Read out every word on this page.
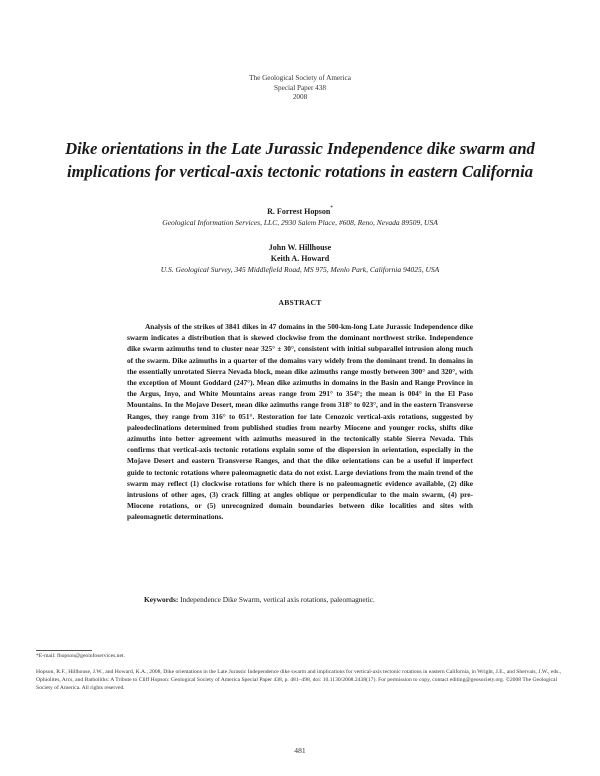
The Geological Society of America
Special Paper 438
2008
Dike orientations in the Late Jurassic Independence dike swarm and implications for vertical-axis tectonic rotations in eastern California
R. Forrest Hopson*
Geological Information Services, LLC, 2930 Salem Place, #608, Reno, Nevada 89509, USA
John W. Hillhouse
Keith A. Howard
U.S. Geological Survey, 345 Middlefield Road, MS 975, Menlo Park, California 94025, USA
ABSTRACT

Analysis of the strikes of 3841 dikes in 47 domains in the 500-km-long Late Jurassic Independence dike swarm indicates a distribution that is skewed clockwise from the dominant northwest strike. Independence dike swarm azimuths tend to cluster near 325° ± 30°, consistent with initial subparallel intrusion along much of the swarm. Dike azimuths in a quarter of the domains vary widely from the dominant trend. In domains in the essentially unrotated Sierra Nevada block, mean dike azimuths range mostly between 300° and 320°, with the exception of Mount Goddard (247°). Mean dike azimuths in domains in the Basin and Range Province in the Argus, Inyo, and White Mountains areas range from 291° to 354°; the mean is 004° in the El Paso Mountains. In the Mojave Desert, mean dike azimuths range from 318° to 023°, and in the eastern Transverse Ranges, they range from 316° to 051°. Restoration for late Cenozoic vertical-axis rotations, suggested by paleodeclinations determined from published studies from nearby Miocene and younger rocks, shifts dike azimuths into better agreement with azimuths measured in the tectonically stable Sierra Nevada. This confirms that vertical-axis tectonic rotations explain some of the dispersion in orientation, especially in the Mojave Desert and eastern Transverse Ranges, and that the dike orientations can be a useful if imperfect guide to tectonic rotations where paleomagnetic data do not exist. Large deviations from the main trend of the swarm may reflect (1) clockwise rotations for which there is no paleomagnetic evidence available, (2) dike intrusions of other ages, (3) crack filling at angles oblique or perpendicular to the main swarm, (4) pre-Miocene rotations, or (5) unrecognized domain boundaries between dike localities and sites with paleomagnetic determinations.

Keywords: Independence Dike Swarm, vertical axis rotations, paleomagnetic.
*E-mail: fhopson@geoinfoservices.net.

Hopson, R.F., Hillhouse, J.W., and Howard, K.A., 2008, Dike orientations in the Late Jurassic Independence dike swarm and implications for vertical-axis tectonic rotations in eastern California, in Wright, J.E., and Shervais, J.W., eds., Ophiolites, Arcs, and Batholiths: A Tribute to Cliff Hopson: Geological Society of America Special Paper 438, p. 481–498, doi: 10.1130/2008.2438(17). For permission to copy, contact editing@geosociety.org. ©2008 The Geological Society of America. All rights reserved.

481
